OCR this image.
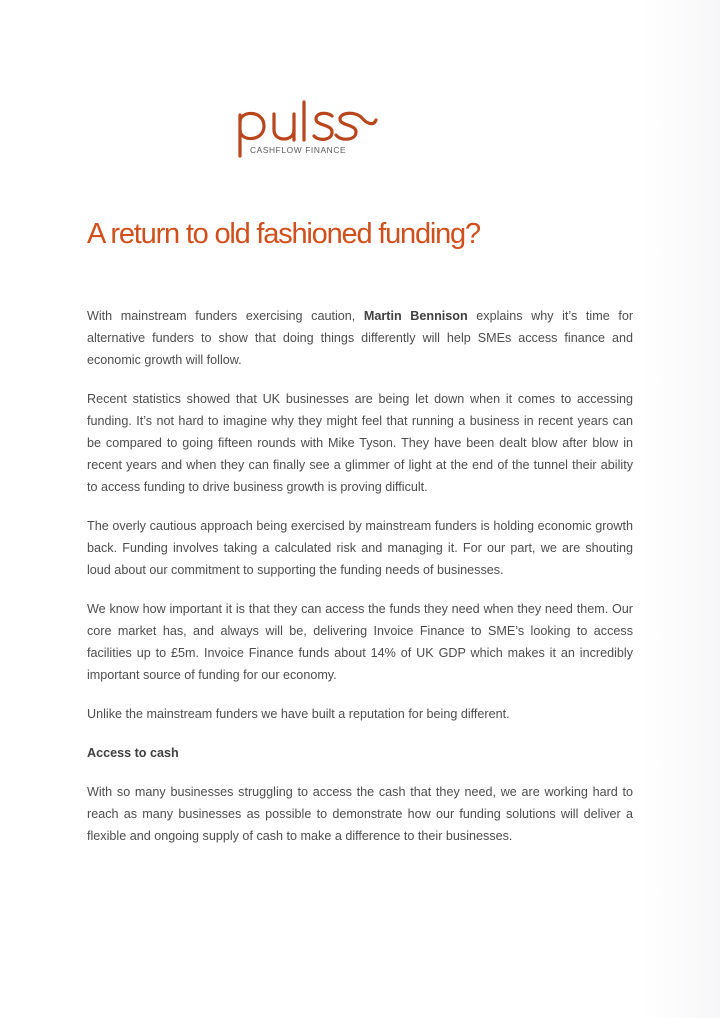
CASHFLOW FINANCE
A return to old fashioned funding?

With mainstream funders exercising caution, Martin Bennison explains why it’s time for alternative funders to show that doing things differently will help SMEs access finance and economic growth will follow.

Recent statistics showed that UK businesses are being let down when it comes to accessing funding. It’s not hard to imagine why they might feel that running a business in recent years can be compared to going fifteen rounds with Mike Tyson. They have been dealt blow after blow in recent years and when they can finally see a glimmer of light at the end of the tunnel their ability to access funding to drive business growth is proving difficult.

The overly cautious approach being exercised by mainstream funders is holding economic growth back. Funding involves taking a calculated risk and managing it. For our part, we are shouting loud about our commitment to supporting the funding needs of businesses.

We know how important it is that they can access the funds they need when they need them. Our core market has, and always will be, delivering Invoice Finance to SME’s looking to access facilities up to £5m. Invoice Finance funds about 14% of UK GDP which makes it an incredibly important source of funding for our economy.

Unlike the mainstream funders we have built a reputation for being different.

Access to cash

With so many businesses struggling to access the cash that they need, we are working hard to reach as many businesses as possible to demonstrate how our funding solutions will deliver a flexible and ongoing supply of cash to make a difference to their businesses.
